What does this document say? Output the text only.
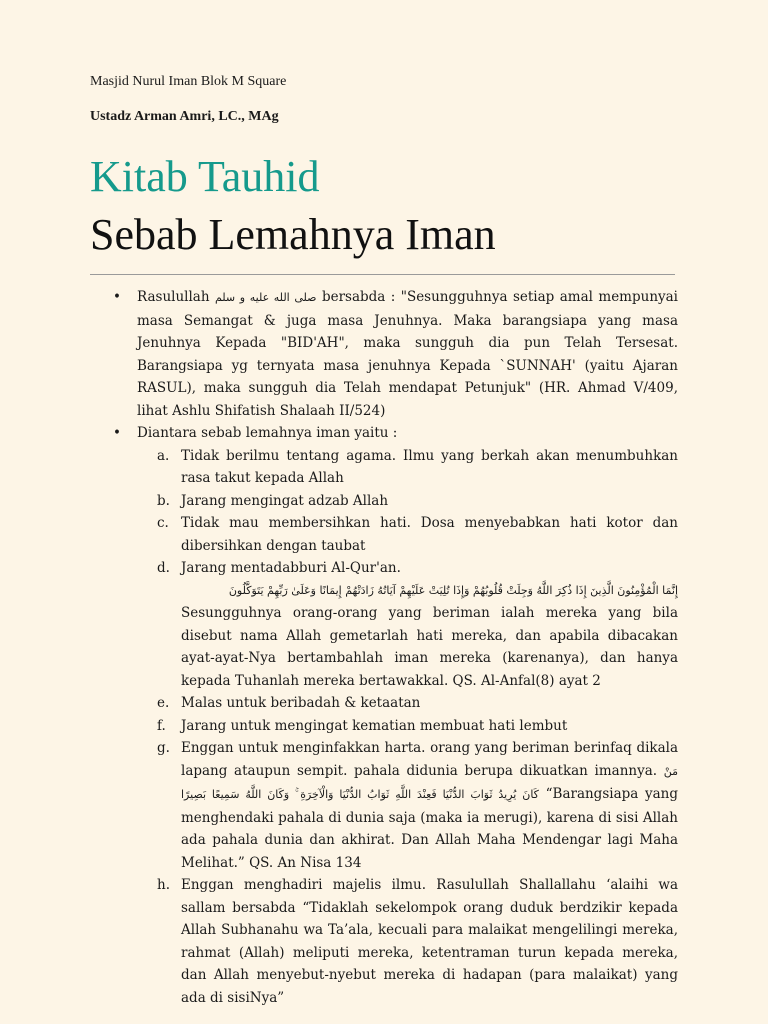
Masjid Nurul Iman Blok M Square
Ustadz Arman Amri, LC., MAg
Kitab Tauhid
Sebab Lemahnya Iman
• Rasulullah صلى الله عليه و سلم bersabda : "Sesungguhnya setiap amal mempunyai masa Semangat & juga masa Jenuhnya. Maka barangsiapa yang masa Jenuhnya Kepada "BID'AH", maka sungguh dia pun Telah Tersesat. Barangsiapa yg ternyata masa jenuhnya Kepada `SUNNAH' (yaitu Ajaran RASUL), maka sungguh dia Telah mendapat Petunjuk" (HR. Ahmad V/409, lihat Ashlu Shifatish Shalaah II/524)
• Diantara sebab lemahnya iman yaitu :
a. Tidak berilmu tentang agama. Ilmu yang berkah akan menumbuhkan rasa takut kepada Allah
b. Jarang mengingat adzab Allah
c. Tidak mau membersihkan hati. Dosa menyebabkan hati kotor dan dibersihkan dengan taubat
d. Jarang mentadabburi Al-Qur'an.
إِنَّمَا الْمُؤْمِنُونَ الَّذِينَ إِذَا ذُكِرَ اللَّهُ وَجِلَتْ قُلُوبُهُمْ وَإِذَا تُلِيَتْ عَلَيْهِمْ آيَاتُهُ زَادَتْهُمْ إِيمَانًا وَعَلَىٰ رَبِّهِمْ يَتَوَكَّلُونَ
Sesungguhnya orang-orang yang beriman ialah mereka yang bila disebut nama Allah gemetarlah hati mereka, dan apabila dibacakan ayat-ayat-Nya bertambahlah iman mereka (karenanya), dan hanya kepada Tuhanlah mereka bertawakkal. QS. Al-Anfal(8) ayat 2
e. Malas untuk beribadah & ketaatan
f. Jarang untuk mengingat kematian membuat hati lembut
g. Enggan untuk menginfakkan harta. orang yang beriman berinfaq dikala lapang ataupun sempit. pahala didunia berupa dikuatkan imannya. مَنْ كَانَ يُرِيدُ ثَوَابَ الدُّنْيَا فَعِنْدَ اللَّهِ ثَوَابُ الدُّنْيَا وَالْآخِرَةِ ۚ وَكَانَ اللَّهُ سَمِيعًا بَصِيرًا “Barangsiapa yang menghendaki pahala di dunia saja (maka ia merugi), karena di sisi Allah ada pahala dunia dan akhirat. Dan Allah Maha Mendengar lagi Maha Melihat.” QS. An Nisa 134
h. Enggan menghadiri majelis ilmu. Rasulullah Shallallahu ‘alaihi wa sallam bersabda “Tidaklah sekelompok orang duduk berdzikir kepada Allah Subhanahu wa Ta’ala, kecuali para malaikat mengelilingi mereka, rahmat (Allah) meliputi mereka, ketentraman turun kepada mereka, dan Allah menyebut-nyebut mereka di hadapan (para malaikat) yang ada di sisiNya”
